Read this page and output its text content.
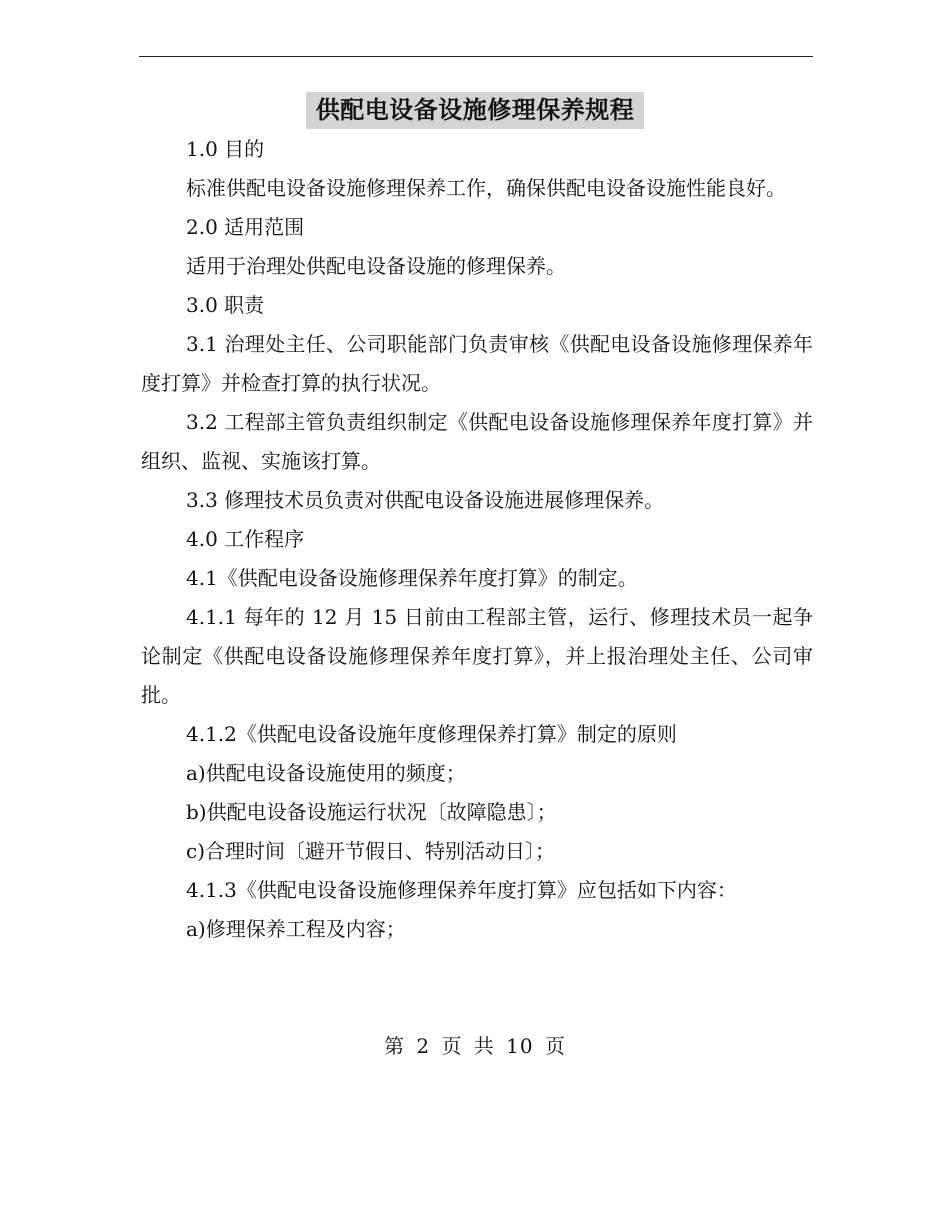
供配电设备设施修理保养规程

1.0 目的

标准供配电设备设施修理保养工作，确保供配电设备设施性能良好。

2.0 适用范围

适用于治理处供配电设备设施的修理保养。

3.0 职责

3.1 治理处主任、公司职能部门负责审核《供配电设备设施修理保养年度打算》并检查打算的执行状况。

3.2 工程部主管负责组织制定《供配电设备设施修理保养年度打算》并组织、监视、实施该打算。

3.3 修理技术员负责对供配电设备设施进展修理保养。

4.0 工作程序

4.1《供配电设备设施修理保养年度打算》的制定。

4.1.1 每年的 12 月 15 日前由工程部主管，运行、修理技术员一起争论制定《供配电设备设施修理保养年度打算》，并上报治理处主任、公司审批。

4.1.2《供配电设备设施年度修理保养打算》制定的原则

a)供配电设备设施使用的频度；

b)供配电设备设施运行状况〔故障隐患〕；

c)合理时间〔避开节假日、特别活动日〕；

4.1.3《供配电设备设施修理保养年度打算》应包括如下内容：

a)修理保养工程及内容；

第 2 页 共 10 页
